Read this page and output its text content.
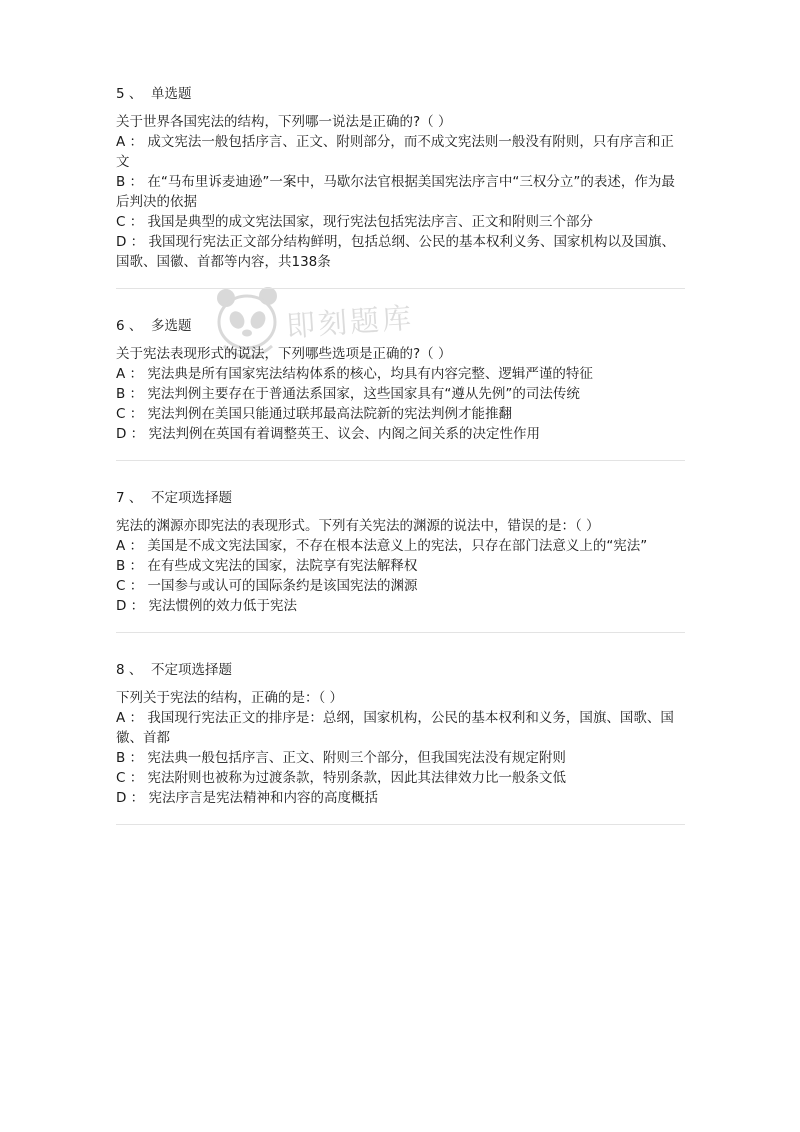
即刻题库
5 、 单选题

关于世界各国宪法的结构，下列哪一说法是正确的?（ ）

A ： 成文宪法一般包括序言、正文、附则部分，而不成文宪法则一般没有附则，只有序言和正文

B ： 在“马布里诉麦迪逊”一案中，马歇尔法官根据美国宪法序言中“三权分立”的表述，作为最后判决的依据

C ： 我国是典型的成文宪法国家，现行宪法包括宪法序言、正文和附则三个部分

D ： 我国现行宪法正文部分结构鲜明，包括总纲、公民的基本权利义务、国家机构以及国旗、国歌、国徽、首都等内容，共138条

6 、 多选题

关于宪法表现形式的说法，下列哪些选项是正确的?（ ）

A ： 宪法典是所有国家宪法结构体系的核心，均具有内容完整、逻辑严谨的特征

B ： 宪法判例主要存在于普通法系国家，这些国家具有“遵从先例”的司法传统

C ： 宪法判例在美国只能通过联邦最高法院新的宪法判例才能推翻

D ： 宪法判例在英国有着调整英王、议会、内阁之间关系的决定性作用

7 、 不定项选择题

宪法的渊源亦即宪法的表现形式。下列有关宪法的渊源的说法中，错误的是：（ ）

A ： 美国是不成文宪法国家，不存在根本法意义上的宪法，只存在部门法意义上的“宪法”

B ： 在有些成文宪法的国家，法院享有宪法解释权

C ： 一国参与或认可的国际条约是该国宪法的渊源

D ： 宪法惯例的效力低于宪法

8 、 不定项选择题

下列关于宪法的结构，正确的是：（ ）

A ： 我国现行宪法正文的排序是：总纲，国家机构，公民的基本权利和义务，国旗、国歌、国徽、首都

B ： 宪法典一般包括序言、正文、附则三个部分，但我国宪法没有规定附则

C ： 宪法附则也被称为过渡条款，特别条款，因此其法律效力比一般条文低

D ： 宪法序言是宪法精神和内容的高度概括
